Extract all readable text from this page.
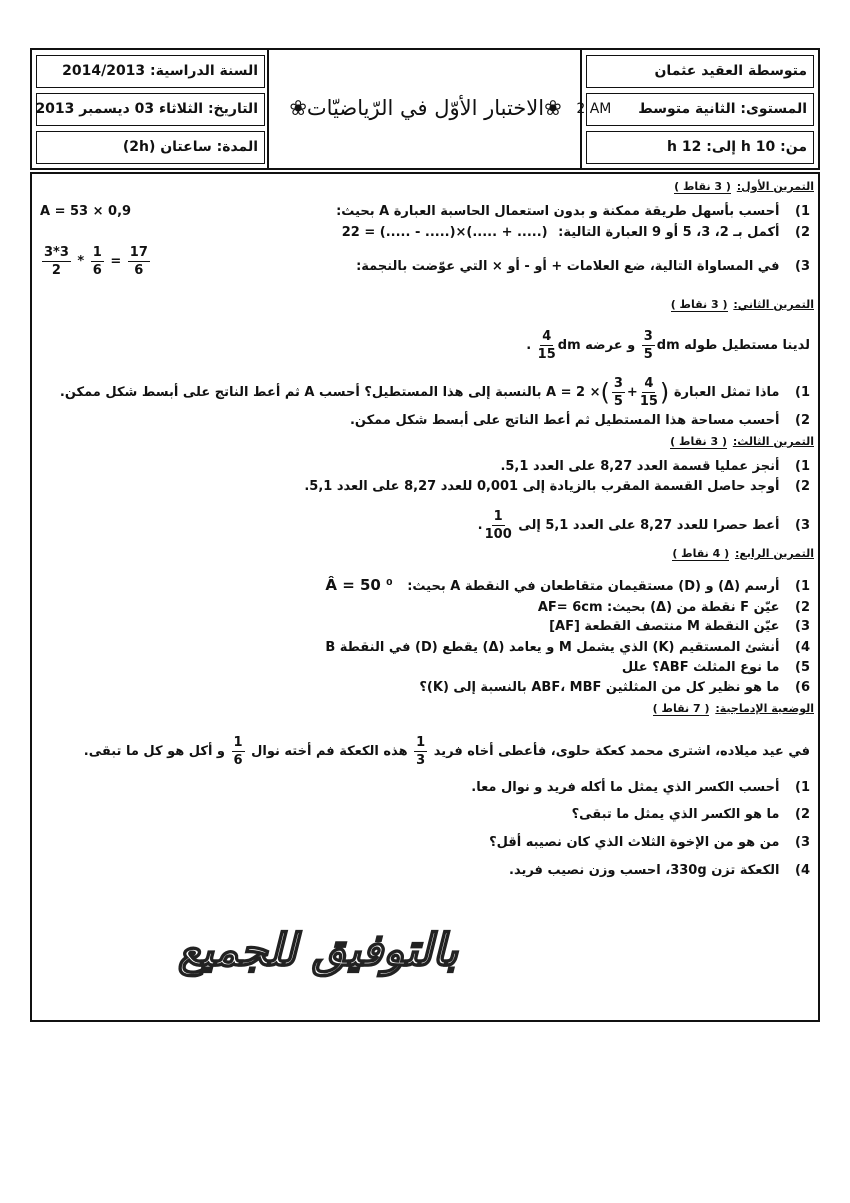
متوسطة العقيد عثمان
المستوى: الثانية متوسط 2 AM
من: 10 h إلى: 12 h
❀الاختبار الأوّل في الرّياضيّات❀
السنة الدراسية: 2014/2013
التاريخ: الثلاثاء 03 ديسمبر 2013
المدة: ساعتان (2h)
التمرين الأول: ( 3 نقاط )
1) أحسب بأسهل طريقة ممكنة و بدون استعمال الحاسبة العبارة A بحيث:
A = 53 × 0,9
2) أكمل بـ 2، 3، 5 أو 9 العبارة التالية: 22 = (..... - .....)×(..... + .....)
3) في المساواة التالية، ضع العلامات + أو - أو × التي عوّضت بالنجمة:
$\frac{3*3}{2} * \frac{1}{6} = \frac{17}{6}$
التمرين الثاني: ( 3 نقاط )
لدينا مستطيل طوله
$\frac{3}{5}$ dm و عرضه
$\frac{4}{15}$ dm .
1) ماذا تمثل العبارة A = 2 ×( $\frac{3}{5} + \frac{4}{15}$ ) بالنسبة إلى هذا المستطيل؟ أحسب A ثم أعط الناتج على أبسط شكل ممكن.
2) أحسب مساحة هذا المستطيل ثم أعط الناتج على أبسط شكل ممكن.
التمرين الثالث: ( 3 نقاط )
1) أنجز عمليا قسمة العدد 8,27 على العدد 5,1.
2) أوجد حاصل القسمة المقرب بالزيادة إلى 0,001 للعدد 8,27 على العدد 5,1.
3) أعط حصرا للعدد 8,27 على العدد 5,1 إلى
$\frac{1}{100}$
.
التمرين الرابع: ( 4 نقاط )
1) أرسم (Δ) و (D) مستقيمان متقاطعان في النقطة A بحيث: Â = 50 ⁰
2) عيّن F نقطة من (Δ) بحيث: AF= 6cm
3) عيّن النقطة M منتصف القطعة [AF]
4) أنشئ المستقيم (K) الذي يشمل M و يعامد (Δ) يقطع (D) في النقطة B
5) ما نوع المثلث ABF؟ علل
6) ما هو نظير كل من المثلثين ABF، MBF بالنسبة إلى (K)؟
الوضعية الإدماجية: ( 7 نقاط )
في عيد ميلاده، اشترى محمد كعكة حلوى، فأعطى أخاه فريد
$\frac{1}{3}$
هذه الكعكة فم أخته نوال
$\frac{1}{6}$
و أكل هو كل ما تبقى.
1) أحسب الكسر الذي يمثل ما أكله فريد و نوال معا.
2) ما هو الكسر الذي يمثل ما تبقى؟
3) من هو من الإخوة الثلاث الذي كان نصيبه أقل؟
4) الكعكة تزن 330g، احسب وزن نصيب فريد.
بالتوفيق للجميع
